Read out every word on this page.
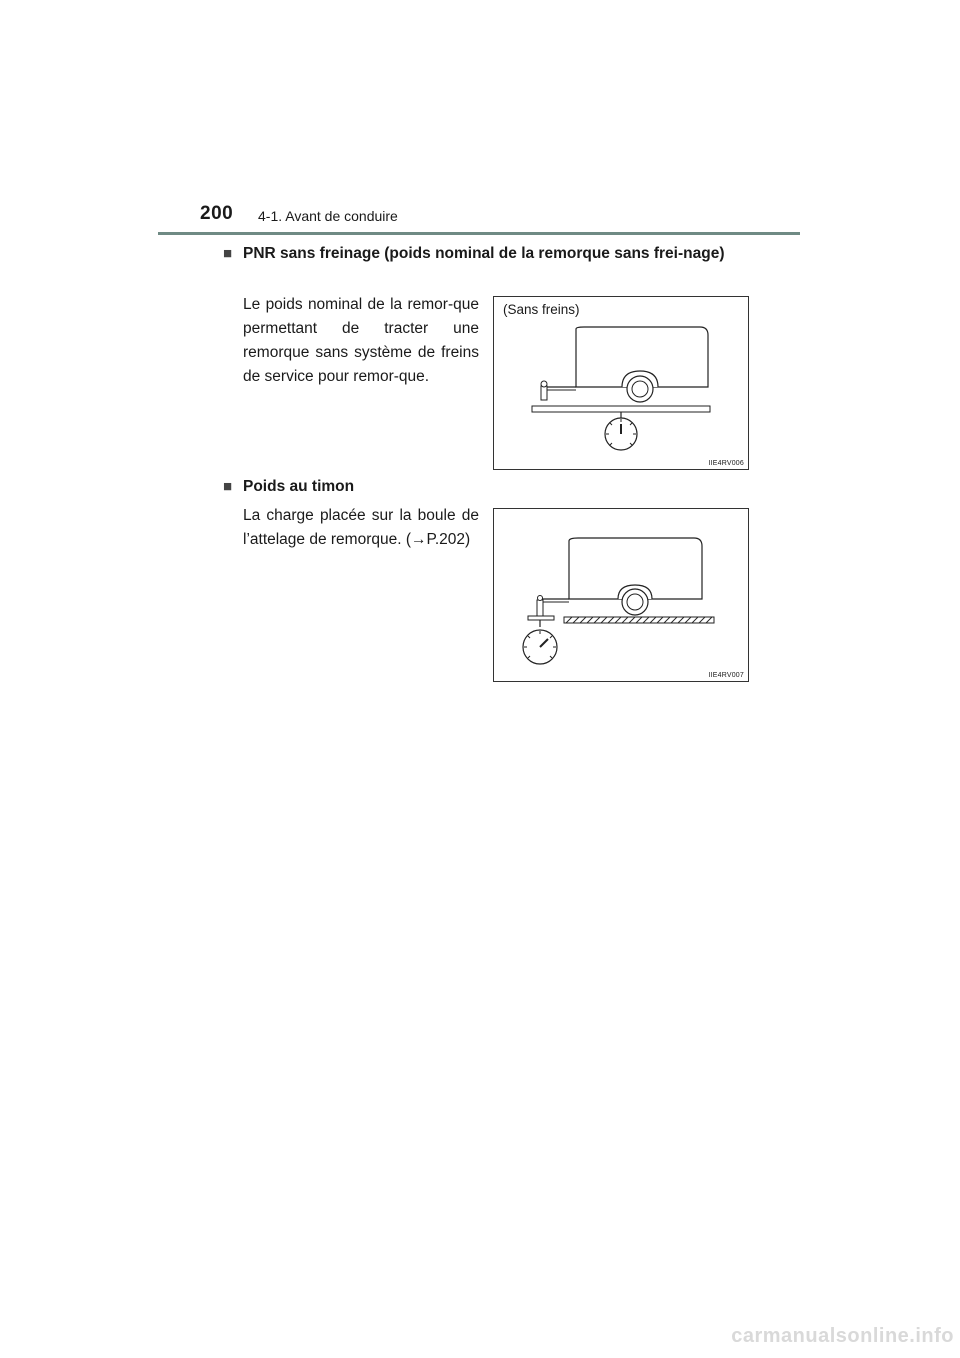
200 4-1. Avant de conduire
■ PNR sans freinage (poids nominal de la remorque sans frei-nage)
Le poids nominal de la remor-que permettant de tracter une remorque sans système de freins de service pour remor-que.
(Sans freins)
IIE4RV006
■ Poids au timon
La charge placée sur la boule de l’attelage de remorque. (→P.202)
IIE4RV007
carmanualsonline.info
